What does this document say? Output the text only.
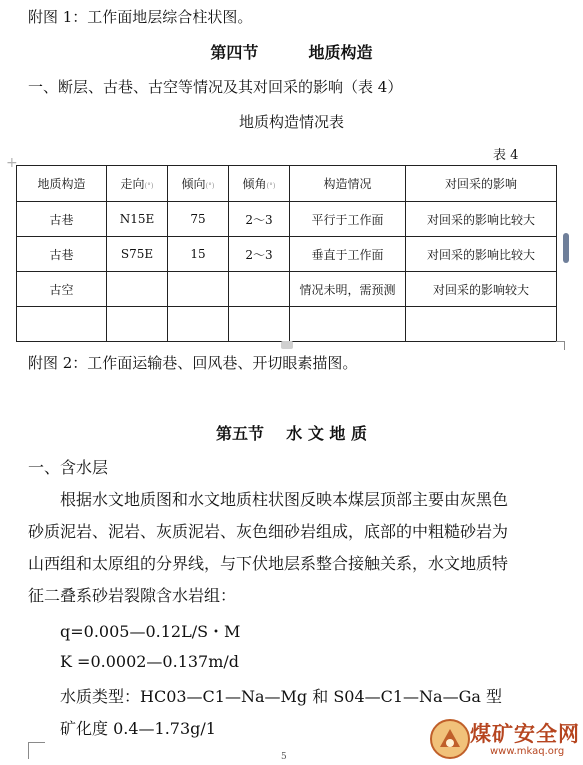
附图 1：工作面地层综合柱状图。
第四节         地质构造
一、断层、古巷、古空等情况及其对回采的影响（表 4）
地质构造情况表
表 4
+
地质构造	走向(°)	倾向(°)	倾角(°)	构造情况	对回采的影响
古巷	N15E	75	2～3	平行于工作面	对回采的影响比较大
古巷	S75E	15	2～3	垂直于工作面	对回采的影响比较大
古空				情况未明，需预测	对回采的影响较大

附图 2：工作面运输巷、回风巷、开切眼素描图。
第五节    水 文 地 质
一、含水层
根据水文地质图和水文地质柱状图反映本煤层顶部主要由灰黑色
砂质泥岩、泥岩、灰质泥岩、灰色细砂岩组成，底部的中粗糙砂岩为
山西组和太原组的分界线，与下伏地层系整合接触关系，水文地质特
征二叠系砂岩裂隙含水岩组：
q=0.005—0.12L/S・M
K =0.0002—0.137m/d
水质类型：HC03—C1—Na—Mg 和 S04—C1—Na—Ga 型
矿化度 0.4—1.73g/1
5
煤矿安全网
www.mkaq.org
